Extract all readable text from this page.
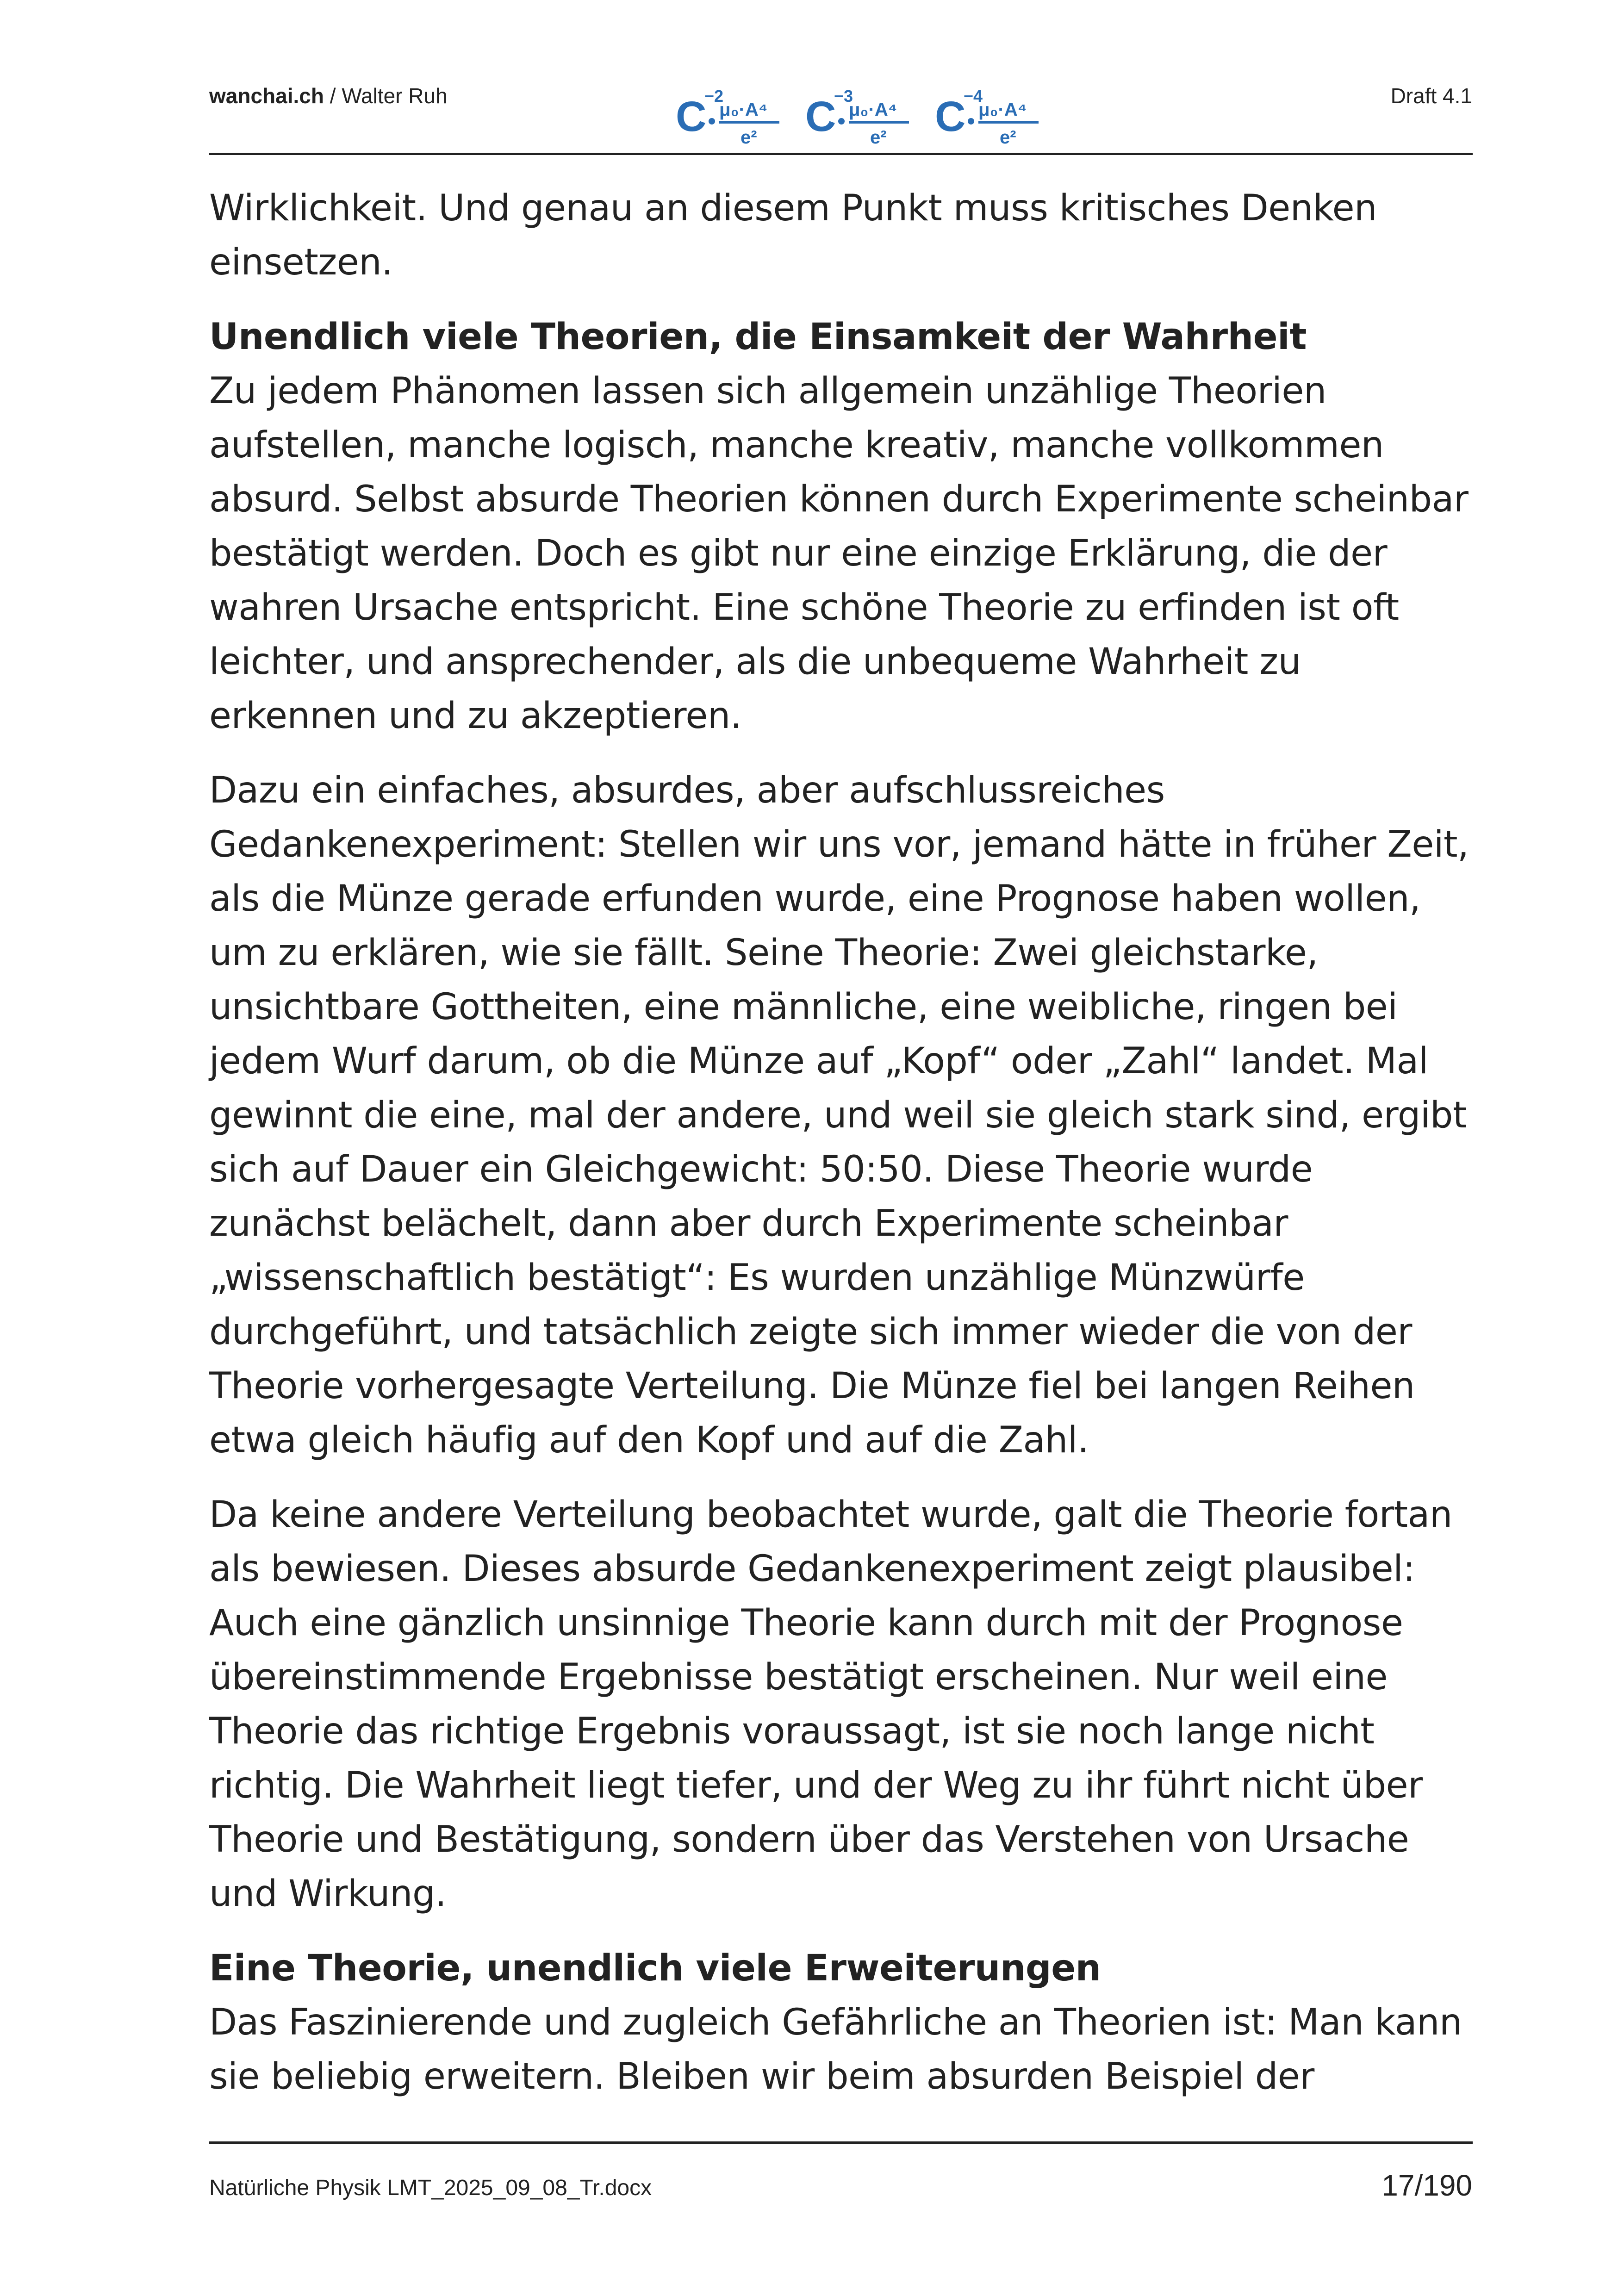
wanchai.ch / Walter Ruh	C
−2
μ₀·A⁴
e² C
−3
μ₀·A⁴
e² C
−4
μ₀·A⁴
e²
Draft 4.1
Wirklichkeit. Und genau an diesem Punkt muss kritisches Denken
einsetzen.
Unendlich viele Theorien, die Einsamkeit der Wahrheit
Zu jedem Phänomen lassen sich allgemein unzählige Theorien
aufstellen, manche logisch, manche kreativ, manche vollkommen
absurd. Selbst absurde Theorien können durch Experimente scheinbar
bestätigt werden. Doch es gibt nur eine einzige Erklärung, die der
wahren Ursache entspricht. Eine schöne Theorie zu erfinden ist oft
leichter, und ansprechender, als die unbequeme Wahrheit zu
erkennen und zu akzeptieren.
Dazu ein einfaches, absurdes, aber aufschlussreiches
Gedankenexperiment: Stellen wir uns vor, jemand hätte in früher Zeit,
als die Münze gerade erfunden wurde, eine Prognose haben wollen,
um zu erklären, wie sie fällt. Seine Theorie: Zwei gleichstarke,
unsichtbare Gottheiten, eine männliche, eine weibliche, ringen bei
jedem Wurf darum, ob die Münze auf „Kopf“ oder „Zahl“ landet. Mal
gewinnt die eine, mal der andere, und weil sie gleich stark sind, ergibt
sich auf Dauer ein Gleichgewicht: 50:50. Diese Theorie wurde
zunächst belächelt, dann aber durch Experimente scheinbar
„wissenschaftlich bestätigt“: Es wurden unzählige Münzwürfe
durchgeführt, und tatsächlich zeigte sich immer wieder die von der
Theorie vorhergesagte Verteilung. Die Münze fiel bei langen Reihen
etwa gleich häufig auf den Kopf und auf die Zahl.
Da keine andere Verteilung beobachtet wurde, galt die Theorie fortan
als bewiesen. Dieses absurde Gedankenexperiment zeigt plausibel:
Auch eine gänzlich unsinnige Theorie kann durch mit der Prognose
übereinstimmende Ergebnisse bestätigt erscheinen. Nur weil eine
Theorie das richtige Ergebnis voraussagt, ist sie noch lange nicht
richtig. Die Wahrheit liegt tiefer, und der Weg zu ihr führt nicht über
Theorie und Bestätigung, sondern über das Verstehen von Ursache
und Wirkung.
Eine Theorie, unendlich viele Erweiterungen
Das Faszinierende und zugleich Gefährliche an Theorien ist: Man kann
sie beliebig erweitern. Bleiben wir beim absurden Beispiel der
Natürliche Physik LMT_2025_09_08_Tr.docx	17/190
